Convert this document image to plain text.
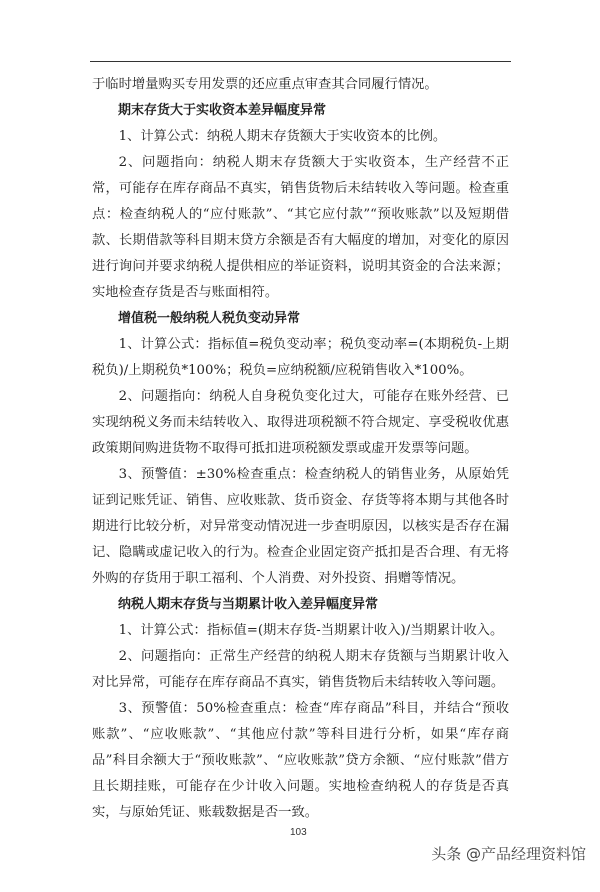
于临时增量购买专用发票的还应重点审查其合同履行情况。

期末存货大于实收资本差异幅度异常

1、计算公式：纳税人期末存货额大于实收资本的比例。

2、问题指向：纳税人期末存货额大于实收资本，生产经营不正常，可能存在库存商品不真实，销售货物后未结转收入等问题。检查重点：检查纳税人的“应付账款”、“其它应付款”“预收账款”以及短期借款、长期借款等科目期末贷方余额是否有大幅度的增加，对变化的原因进行询问并要求纳税人提供相应的举证资料，说明其资金的合法来源；实地检查存货是否与账面相符。

增值税一般纳税人税负变动异常

1、计算公式：指标值=税负变动率；税负变动率=(本期税负-上期税负)/上期税负*100%；税负=应纳税额/应税销售收入*100%。

2、问题指向：纳税人自身税负变化过大，可能存在账外经营、已实现纳税义务而未结转收入、取得进项税额不符合规定、享受税收优惠政策期间购进货物不取得可抵扣进项税额发票或虚开发票等问题。

3、预警值：±30%检查重点：检查纳税人的销售业务，从原始凭证到记账凭证、销售、应收账款、货币资金、存货等将本期与其他各时期进行比较分析，对异常变动情况进一步查明原因，以核实是否存在漏记、隐瞒或虚记收入的行为。检查企业固定资产抵扣是否合理、有无将外购的存货用于职工福利、个人消费、对外投资、捐赠等情况。

纳税人期末存货与当期累计收入差异幅度异常

1、计算公式：指标值=(期末存货-当期累计收入)/当期累计收入。

2、问题指向：正常生产经营的纳税人期末存货额与当期累计收入对比异常，可能存在库存商品不真实，销售货物后未结转收入等问题。

3、预警值：50%检查重点：检查“库存商品”科目，并结合“预收账款”、“应收账款”、“其他应付款”等科目进行分析，如果“库存商品”科目余额大于“预收账款”、“应收账款”贷方余额、“应付账款”借方且长期挂账，可能存在少计收入问题。实地检查纳税人的存货是否真实，与原始凭证、账载数据是否一致。

103
头条 @产品经理资料馆
